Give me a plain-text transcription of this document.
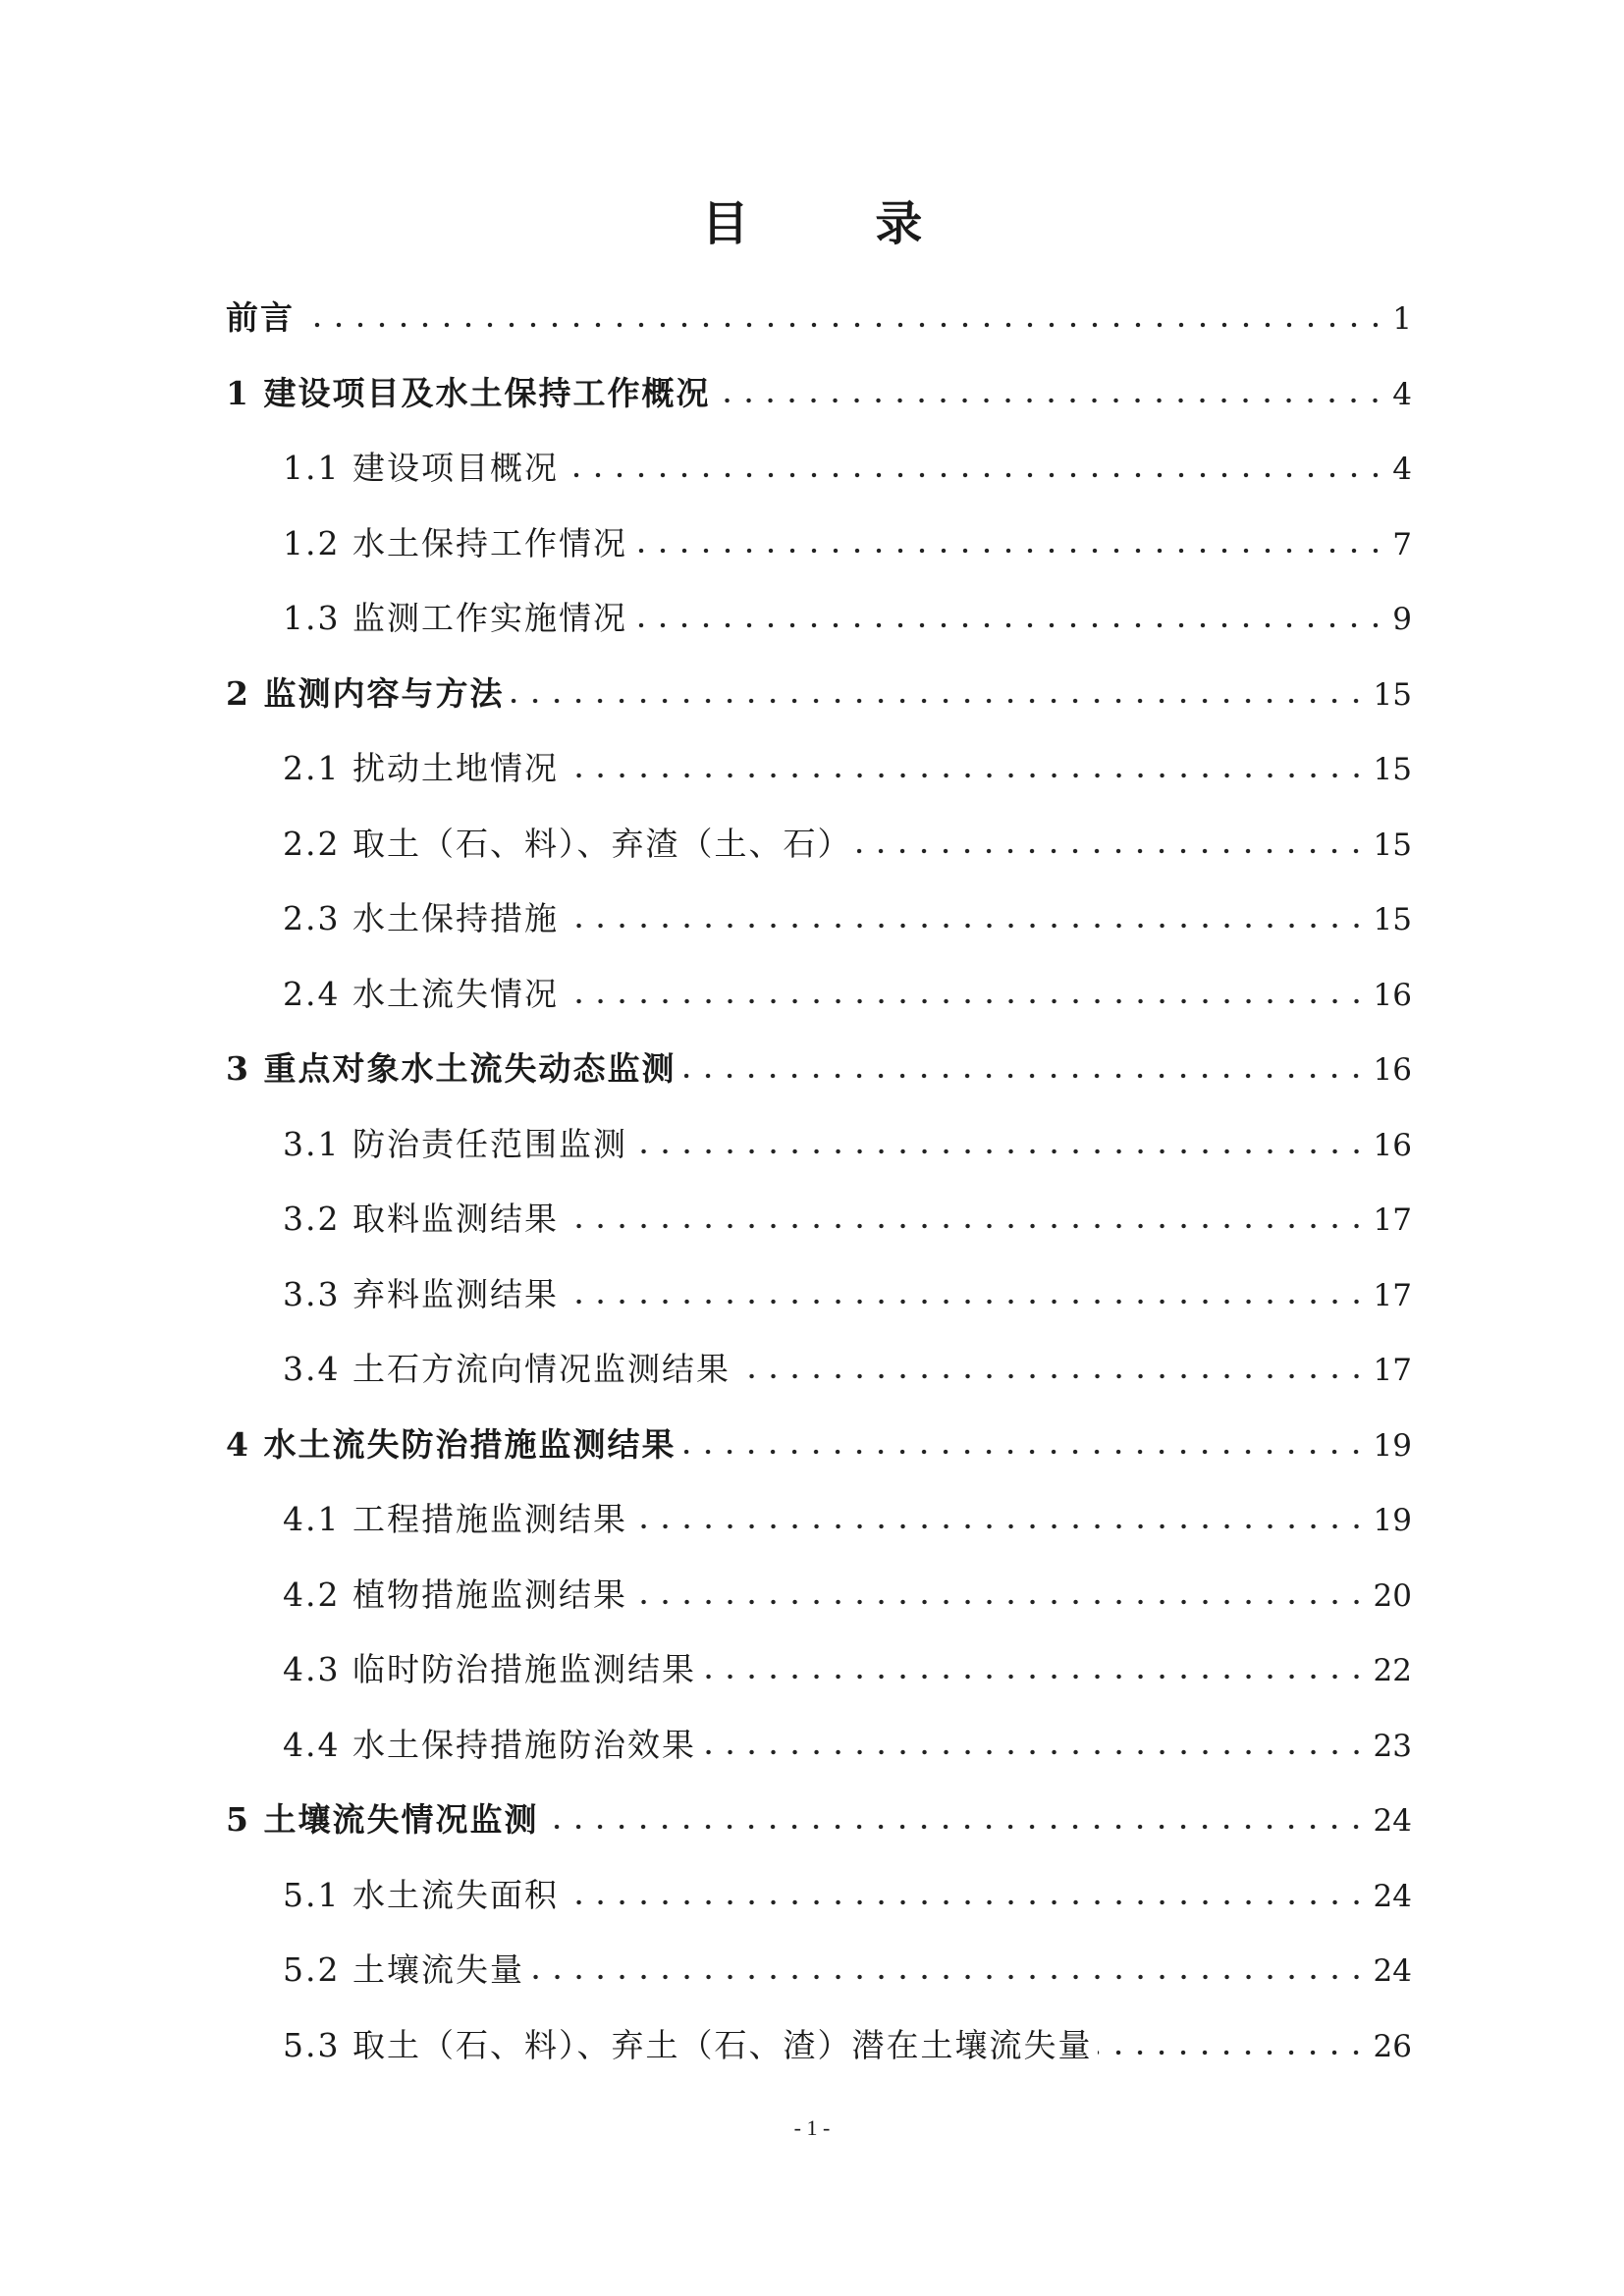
目 录
前言	1
1 建设项目及水土保持工作概况	4
1.1 建设项目概况	4
1.2 水土保持工作情况	7
1.3 监测工作实施情况	9
2 监测内容与方法	15
2.1 扰动土地情况	15
2.2 取土（石、料）、弃渣（土、石）	15
2.3 水土保持措施	15
2.4 水土流失情况	16
3 重点对象水土流失动态监测	16
3.1 防治责任范围监测	16
3.2 取料监测结果	17
3.3 弃料监测结果	17
3.4 土石方流向情况监测结果	17
4 水土流失防治措施监测结果	19
4.1 工程措施监测结果	19
4.2 植物措施监测结果	20
4.3 临时防治措施监测结果	22
4.4 水土保持措施防治效果	23
5 土壤流失情况监测	24
5.1 水土流失面积	24
5.2 土壤流失量	24
5.3 取土（石、料）、弃土（石、渣）潜在土壤流失量	26
- 1 -
